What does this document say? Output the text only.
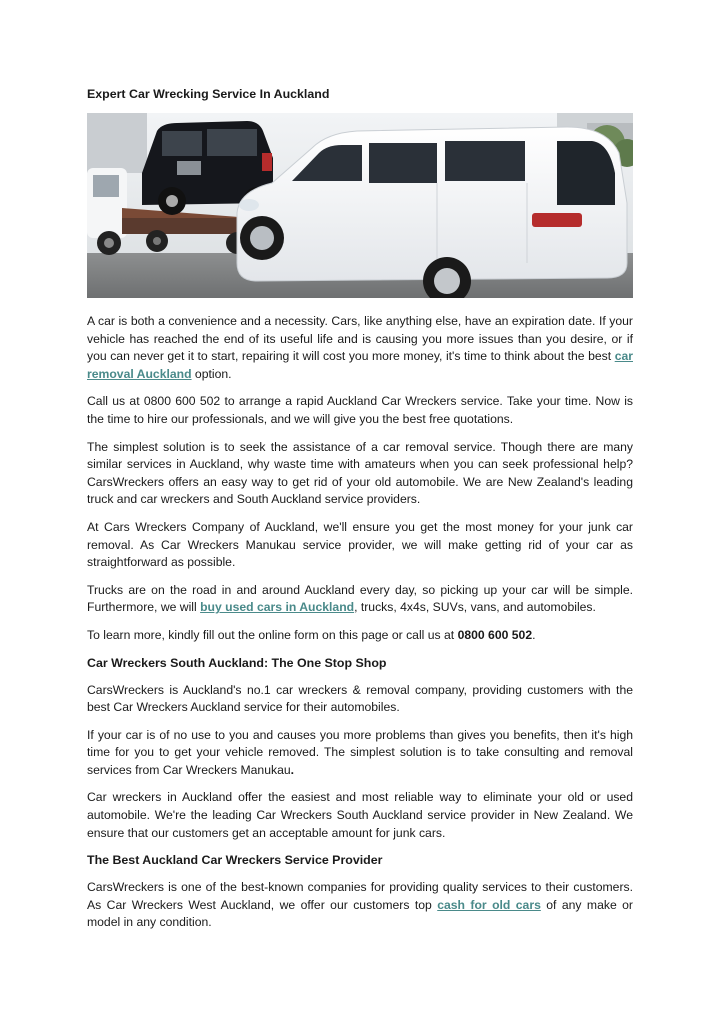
Expert Car Wrecking Service In Auckland

A car is both a convenience and a necessity. Cars, like anything else, have an expiration date. If your vehicle has reached the end of its useful life and is causing you more issues than you desire, or if you can never get it to start, repairing it will cost you more money, it's time to think about the best car removal Auckland option.

Call us at 0800 600 502 to arrange a rapid Auckland Car Wreckers service. Take your time. Now is the time to hire our professionals, and we will give you the best free quotations.

The simplest solution is to seek the assistance of a car removal service. Though there are many similar services in Auckland, why waste time with amateurs when you can seek professional help? CarsWreckers offers an easy way to get rid of your old automobile. We are New Zealand's leading truck and car wreckers and South Auckland service providers.

At Cars Wreckers Company of Auckland, we'll ensure you get the most money for your junk car removal. As Car Wreckers Manukau service provider, we will make getting rid of your car as straightforward as possible.

Trucks are on the road in and around Auckland every day, so picking up your car will be simple. Furthermore, we will buy used cars in Auckland, trucks, 4x4s, SUVs, vans, and automobiles.

To learn more, kindly fill out the online form on this page or call us at 0800 600 502.

Car Wreckers South Auckland: The One Stop Shop

CarsWreckers is Auckland's no.1 car wreckers & removal company, providing customers with the best Car Wreckers Auckland service for their automobiles.

If your car is of no use to you and causes you more problems than gives you benefits, then it's high time for you to get your vehicle removed. The simplest solution is to take consulting and removal services from Car Wreckers Manukau.

Car wreckers in Auckland offer the easiest and most reliable way to eliminate your old or used automobile. We're the leading Car Wreckers South Auckland service provider in New Zealand. We ensure that our customers get an acceptable amount for junk cars.

The Best Auckland Car Wreckers Service Provider

CarsWreckers is one of the best-known companies for providing quality services to their customers. As Car Wreckers West Auckland, we offer our customers top cash for old cars of any make or model in any condition.
